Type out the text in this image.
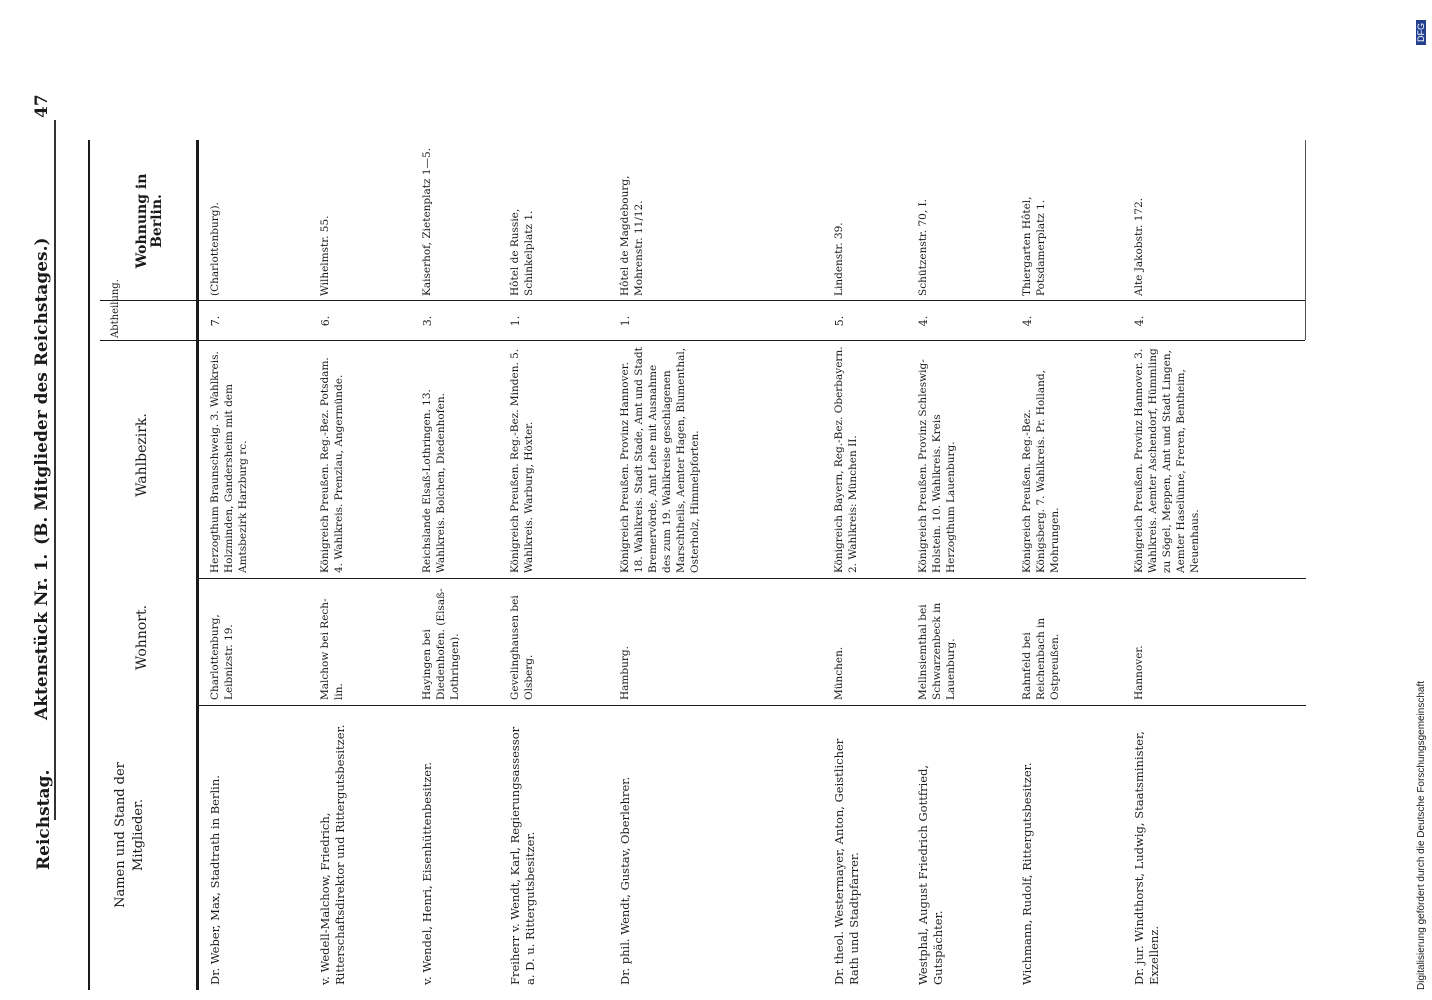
Reichstag.
Aktenstück Nr. 1.
(B. Mitglieder des Reichstages.)
47
Digitalisierung gefördert durch die Deutsche Forschungsgemeinschaft
DFG
Namen und Stand der Mitglieder.
Wohnort.
Wahlbezirk.
Abtheilung.
Wohnung in Berlin.
Dr. Weber, Max, Stadtrath in Berlin.
Charlottenburg, Leibnizstr. 19.
Herzogthum Braunschweig. 3. Wahlkreis. Holzminden, Gandersheim mit dem Amtsbezirk Harzburg rc.
7.
(Charlottenburg).
v. Wedell-Malchow, Friedrich, Ritterschaftsdirektor und Rittergutsbesitzer.
Malchow bei Rech-lin.
Königreich Preußen. Reg.-Bez. Potsdam. 4. Wahlkreis. Prenzlau, Angermünde.
6.
Wilhelmstr. 55.
v. Wendel, Henri, Eisenhüttenbesitzer.
Hayingen bei Diedenhofen. (Elsaß-Lothringen).
Reichslande Elsaß-Lothringen. 13. Wahlkreis. Bolchen, Diedenhofen.
3.
Kaiserhof, Zietenplatz 1—5.
Freiherr v. Wendt, Karl, Regierungsassessor a. D. u. Rittergutsbesitzer.
Gevelinghausen bei Olsberg.
Königreich Preußen. Reg.-Bez. Minden. 5. Wahlkreis. Warburg, Höxter.
1.
Hôtel de Russie, Schinkelplatz 1.
Dr. phil. Wendt, Gustav, Oberlehrer.
Hamburg.
Königreich Preußen. Provinz Hannover. 18. Wahlkreis. Stadt Stade, Amt und Stadt Bremervörde, Amt Lehe mit Ausnahme des zum 19. Wahlkreise geschlagenen Marschtheils, Aemter Hagen, Blumenthal, Osterholz, Himmelpforten.
1.
Hôtel de Magdebourg, Mohrenstr. 11/12.
Dr. theol. Westermayer, Anton, Geistlicher Rath und Stadtpfarrer.
München.
Königreich Bayern, Reg.-Bez. Oberbayern. 2. Wahlkreis: München II.
5.
Lindenstr. 39.
Westphal, August Friedrich Gottfried, Gutspächter.
Mellnsiemthal bei Schwarzenbeck in Lauenburg.
Königreich Preußen. Provinz Schleswig-Holstein. 10. Wahlkreis. Kreis Herzogthum Lauenburg.
4.
Schützenstr. 70, I.
Wichmann, Rudolf, Rittergutsbesitzer.
Rahnfeld bei Reichenbach in Ostpreußen.
Königreich Preußen. Reg.-Bez. Königsberg. 7. Wahlkreis. Pr. Holland, Mohrungen.
4.
Thiergarten Hôtel, Potsdamerplatz 1.
Dr. jur. Windthorst, Ludwig, Staatsminister, Exzellenz.
Hannover.
Königreich Preußen. Provinz Hannover. 3. Wahlkreis. Aemter Aschendorf, Hümmling zu Sögel, Meppen, Amt und Stadt Lingen, Aemter Haselünne, Freren, Bentheim, Neuenhaus.
4.
Alte Jakobstr. 172.
